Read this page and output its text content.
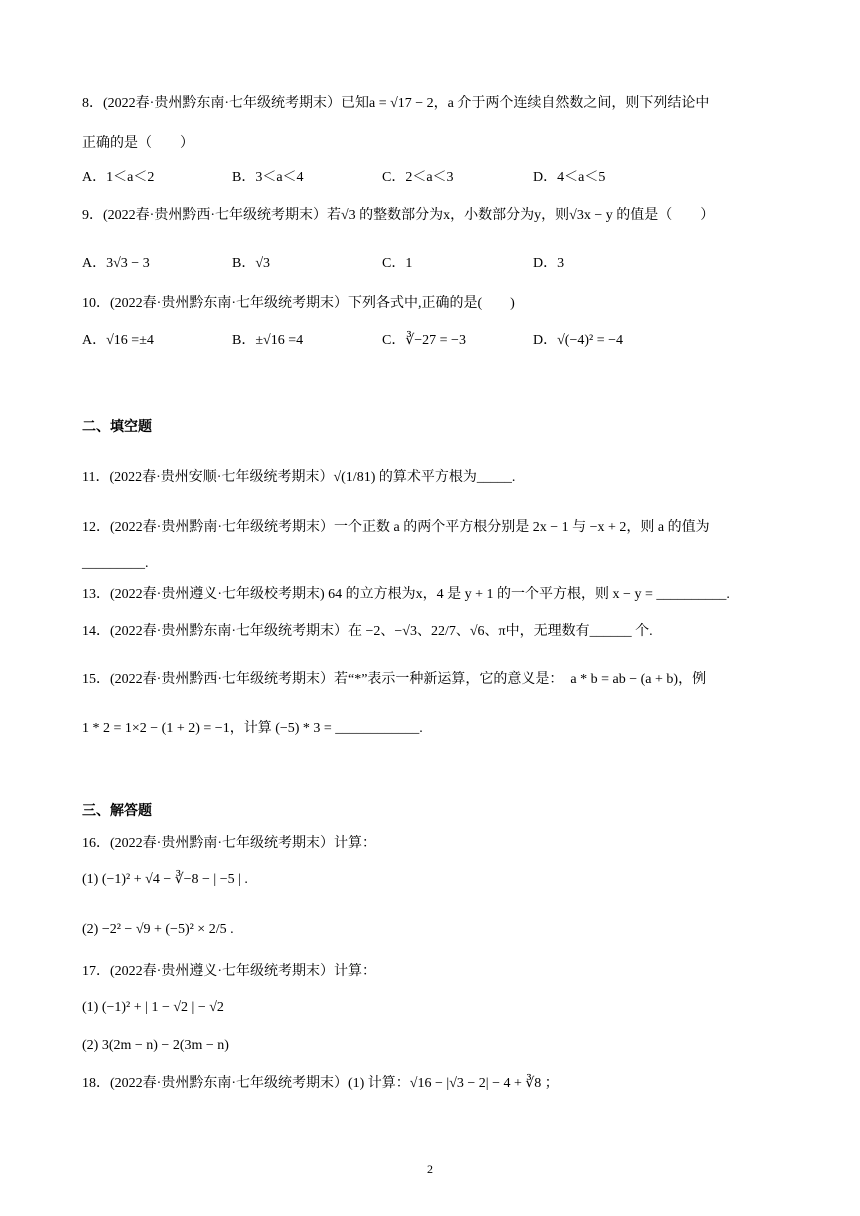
8．(2022春·贵州黔东南·七年级统考期末）已知a = √17 − 2，a 介于两个连续自然数之间，则下列结论中
正确的是（　　）
A．1＜a＜2	B．3＜a＜4	C．2＜a＜3	D．4＜a＜5
9．(2022春·贵州黔西·七年级统考期末）若√3 的整数部分为x，小数部分为y，则√3x − y 的值是（　　）
A．3√3 − 3	B．√3	C．1	D．3
10．(2022春·贵州黔东南·七年级统考期末）下列各式中,正确的是(　　)
A．√16 =±4	B．±√16 =4	C．∛−27 = −3	D．√(−4)² = −4
二、填空题
11．(2022春·贵州安顺·七年级统考期末）√(1/81) 的算术平方根为_____.
12．(2022春·贵州黔南·七年级统考期末）一个正数 a 的两个平方根分别是 2x − 1 与 −x + 2，则 a 的值为
_________.
13．(2022春·贵州遵义·七年级校考期末) 64 的立方根为x，4 是 y + 1 的一个平方根，则 x − y = __________.
14．(2022春·贵州黔东南·七年级统考期末）在 −2、−√3、22/7、√6、π中，无理数有______ 个.
15．(2022春·贵州黔西·七年级统考期末）若“*”表示一种新运算，它的意义是：　a * b = ab − (a + b)，例
1 * 2 = 1×2 − (1 + 2) = −1，计算 (−5) * 3 = ____________.
三、解答题
16．(2022春·贵州黔南·七年级统考期末）计算：
(1) (−1)² + √4 − ∛−8 − | −5 | .
(2) −2² − √9 + (−5)² × 2/5 .
17．(2022春·贵州遵义·七年级统考期末）计算：
(1) (−1)² + | 1 − √2 | − √2
(2) 3(2m − n) − 2(3m − n)
18．(2022春·贵州黔东南·七年级统考期末）(1) 计算：√16 − |√3 − 2| − 4 + ∛8 ；
2
